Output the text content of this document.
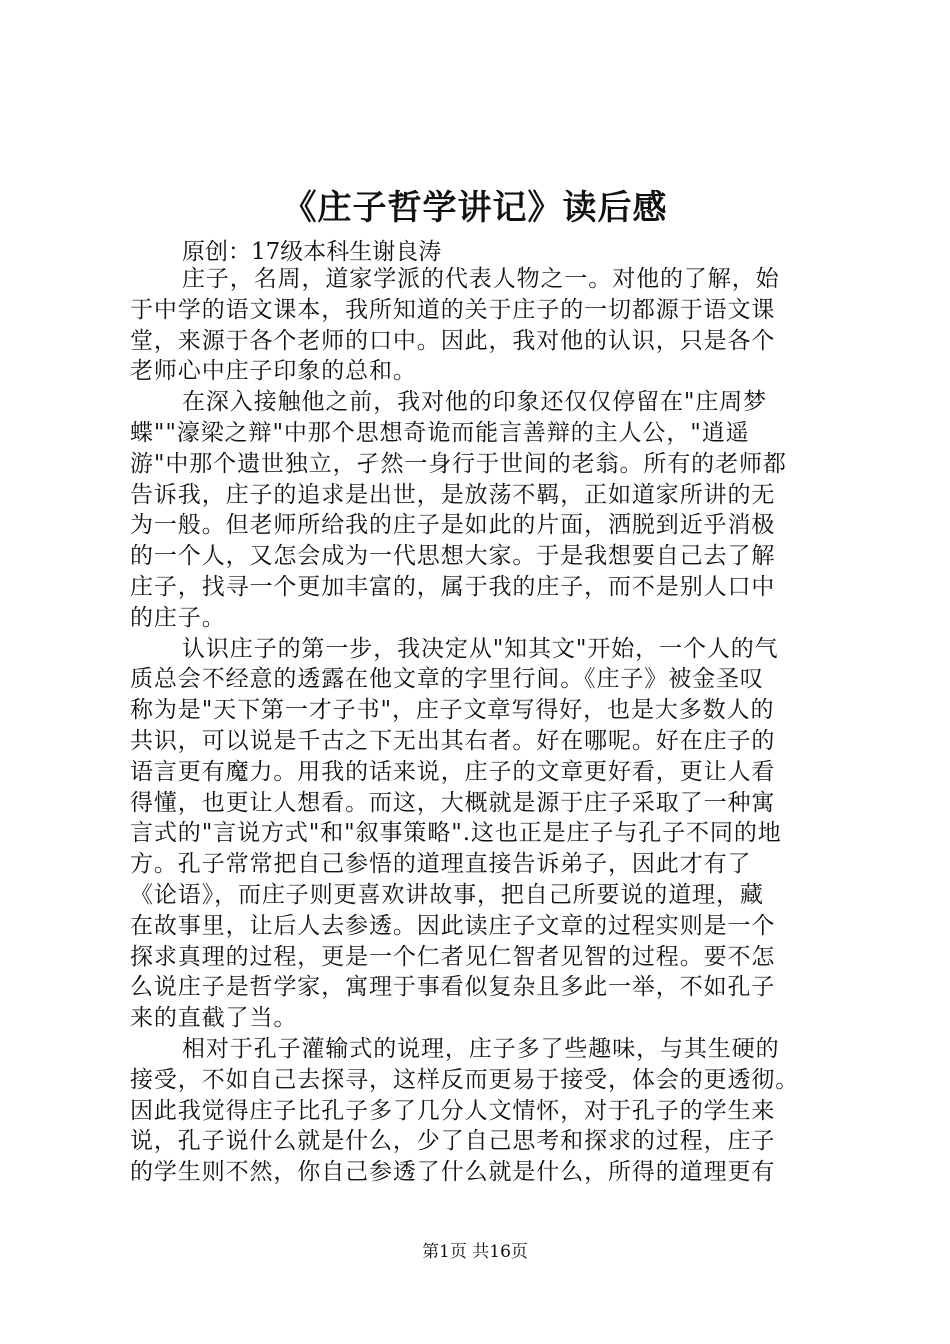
《庄子哲学讲记》读后感
原创：17级本科生谢良涛
庄子，名周，道家学派的代表人物之一。对他的了解，始
于中学的语文课本，我所知道的关于庄子的一切都源于语文课
堂，来源于各个老师的口中。因此，我对他的认识，只是各个
老师心中庄子印象的总和。
在深入接触他之前，我对他的印象还仅仅停留在"庄周梦
蝶""濠梁之辩"中那个思想奇诡而能言善辩的主人公，"逍遥
游"中那个遗世独立，孑然一身行于世间的老翁。所有的老师都
告诉我，庄子的追求是出世，是放荡不羁，正如道家所讲的无
为一般。但老师所给我的庄子是如此的片面，洒脱到近乎消极
的一个人，又怎会成为一代思想大家。于是我想要自己去了解
庄子，找寻一个更加丰富的，属于我的庄子，而不是别人口中
的庄子。
认识庄子的第一步，我决定从"知其文"开始，一个人的气
质总会不经意的透露在他文章的字里行间。《庄子》被金圣叹
称为是"天下第一才子书"，庄子文章写得好，也是大多数人的
共识，可以说是千古之下无出其右者。好在哪呢。好在庄子的
语言更有魔力。用我的话来说，庄子的文章更好看，更让人看
得懂，也更让人想看。而这，大概就是源于庄子采取了一种寓
言式的"言说方式"和"叙事策略".这也正是庄子与孔子不同的地
方。孔子常常把自己参悟的道理直接告诉弟子，因此才有了
《论语》，而庄子则更喜欢讲故事，把自己所要说的道理，藏
在故事里，让后人去参透。因此读庄子文章的过程实则是一个
探求真理的过程，更是一个仁者见仁智者见智的过程。要不怎
么说庄子是哲学家，寓理于事看似复杂且多此一举，不如孔子
来的直截了当。
相对于孔子灌输式的说理，庄子多了些趣味，与其生硬的
接受，不如自己去探寻，这样反而更易于接受，体会的更透彻。
因此我觉得庄子比孔子多了几分人文情怀，对于孔子的学生来
说，孔子说什么就是什么，少了自己思考和探求的过程，庄子
的学生则不然，你自己参透了什么就是什么，所得的道理更有
第1页 共16页
